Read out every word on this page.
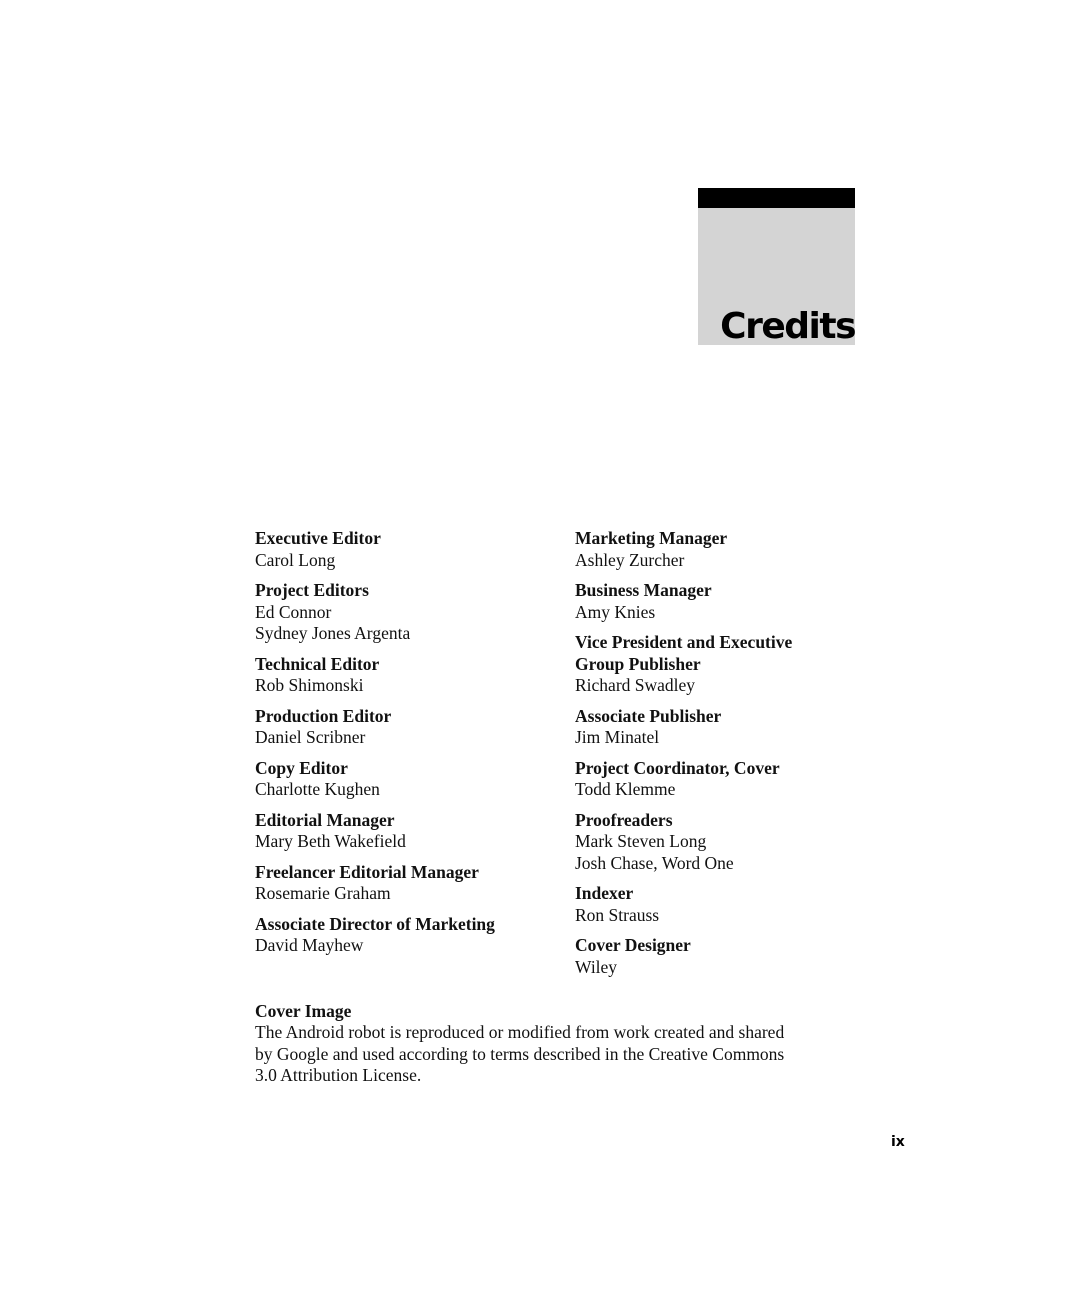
Credits
Executive Editor
Carol Long
Project Editors
Ed Connor
Sydney Jones Argenta
Technical Editor
Rob Shimonski
Production Editor
Daniel Scribner
Copy Editor
Charlotte Kughen
Editorial Manager
Mary Beth Wakefield
Freelancer Editorial Manager
Rosemarie Graham
Associate Director of Marketing
David Mayhew
Marketing Manager
Ashley Zurcher
Business Manager
Amy Knies
Vice President and Executive
Group Publisher
Richard Swadley
Associate Publisher
Jim Minatel
Project Coordinator, Cover
Todd Klemme
Proofreaders
Mark Steven Long
Josh Chase, Word One
Indexer
Ron Strauss
Cover Designer
Wiley
Cover Image
The Android robot is reproduced or modified from work created and shared
by Google and used according to terms described in the Creative Commons
3.0 Attribution License.
ix
